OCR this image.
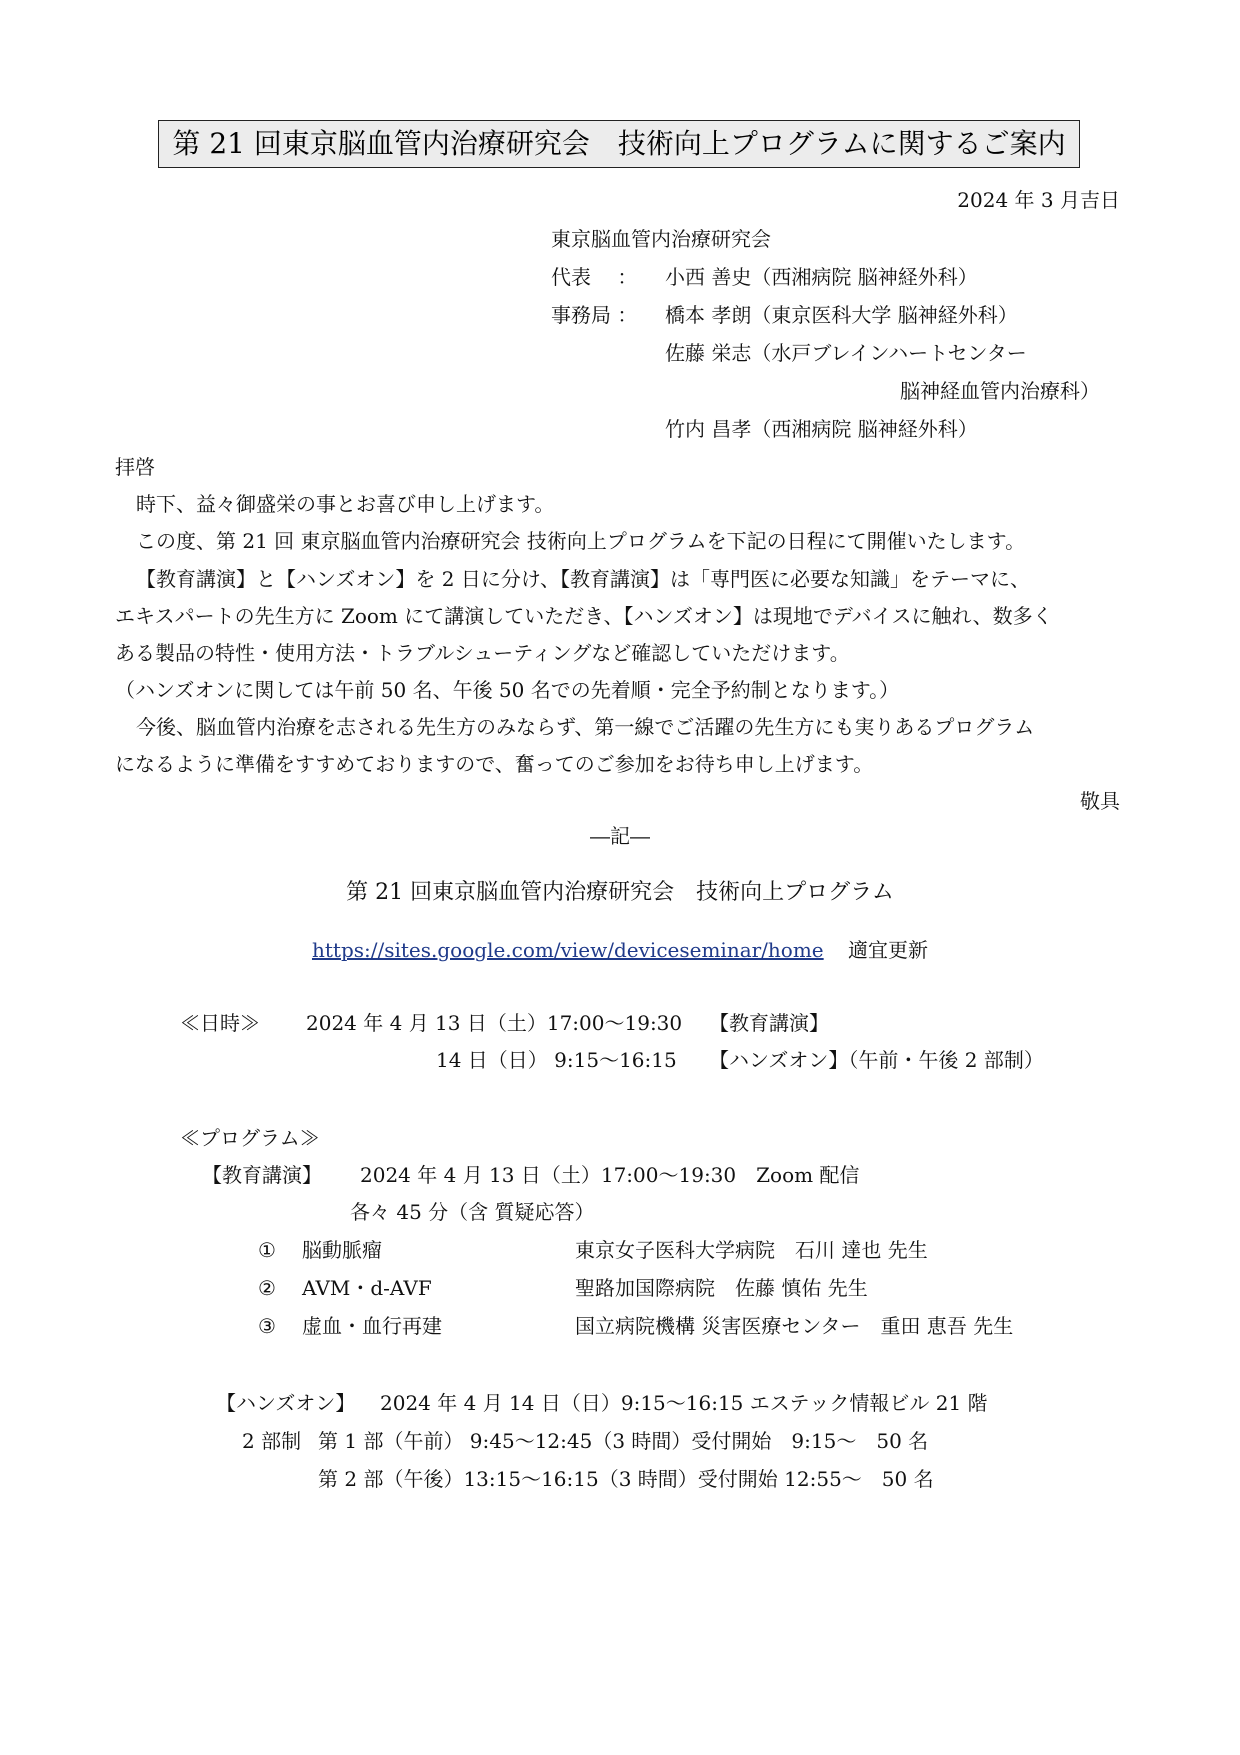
第 21 回東京脳血管内治療研究会　技術向上プログラムに関するご案内
2024 年 3 月吉日
東京脳血管内治療研究会
代表　 ： 小西 善史（西湘病院 脳神経外科）
事務局 ： 橋本 孝朗（東京医科大学 脳神経外科）
佐藤 栄志（水戸ブレインハートセンター
脳神経血管内治療科）
竹内 昌孝（西湘病院 脳神経外科）
拝啓
時下、益々御盛栄の事とお喜び申し上げます。
この度、第 21 回 東京脳血管内治療研究会 技術向上プログラムを下記の日程にて開催いたします。
【教育講演】と【ハンズオン】を 2 日に分け、【教育講演】は「専門医に必要な知識」をテーマに、
エキスパートの先生方に Zoom にて講演していただき、【ハンズオン】は現地でデバイスに触れ、数多く
ある製品の特性・使用方法・トラブルシューティングなど確認していただけます。
（ハンズオンに関しては午前 50 名、午後 50 名での先着順・完全予約制となります。）
今後、脳血管内治療を志される先生方のみならず、第一線でご活躍の先生方にも実りあるプログラム
になるように準備をすすめておりますので、奮ってのご参加をお待ち申し上げます。
敬具
―記―
第 21 回東京脳血管内治療研究会　技術向上プログラム
https://sites.google.com/view/deviceseminar/home 適宜更新
≪日時≫ 2024 年 4 月 13 日（土）17:00～19:30 【教育講演】
14 日（日） 9:15～16:15 【ハンズオン】（午前・午後 2 部制）
≪プログラム≫
【教育講演】 2024 年 4 月 13 日（土）17:00～19:30　Zoom 配信
各々 45 分（含 質疑応答）
① 脳動脈瘤	東京女子医科大学病院　石川 達也 先生
② AVM・d-AVF	聖路加国際病院　佐藤 慎佑 先生
③ 虚血・血行再建	国立病院機構 災害医療センター　重田 恵吾 先生
【ハンズオン】 2024 年 4 月 14 日（日）9:15～16:15 エステック情報ビル 21 階
2 部制 第 1 部（午前） 9:45～12:45（3 時間）受付開始　9:15～　50 名
第 2 部（午後）13:15～16:15（3 時間）受付開始 12:55～　50 名
